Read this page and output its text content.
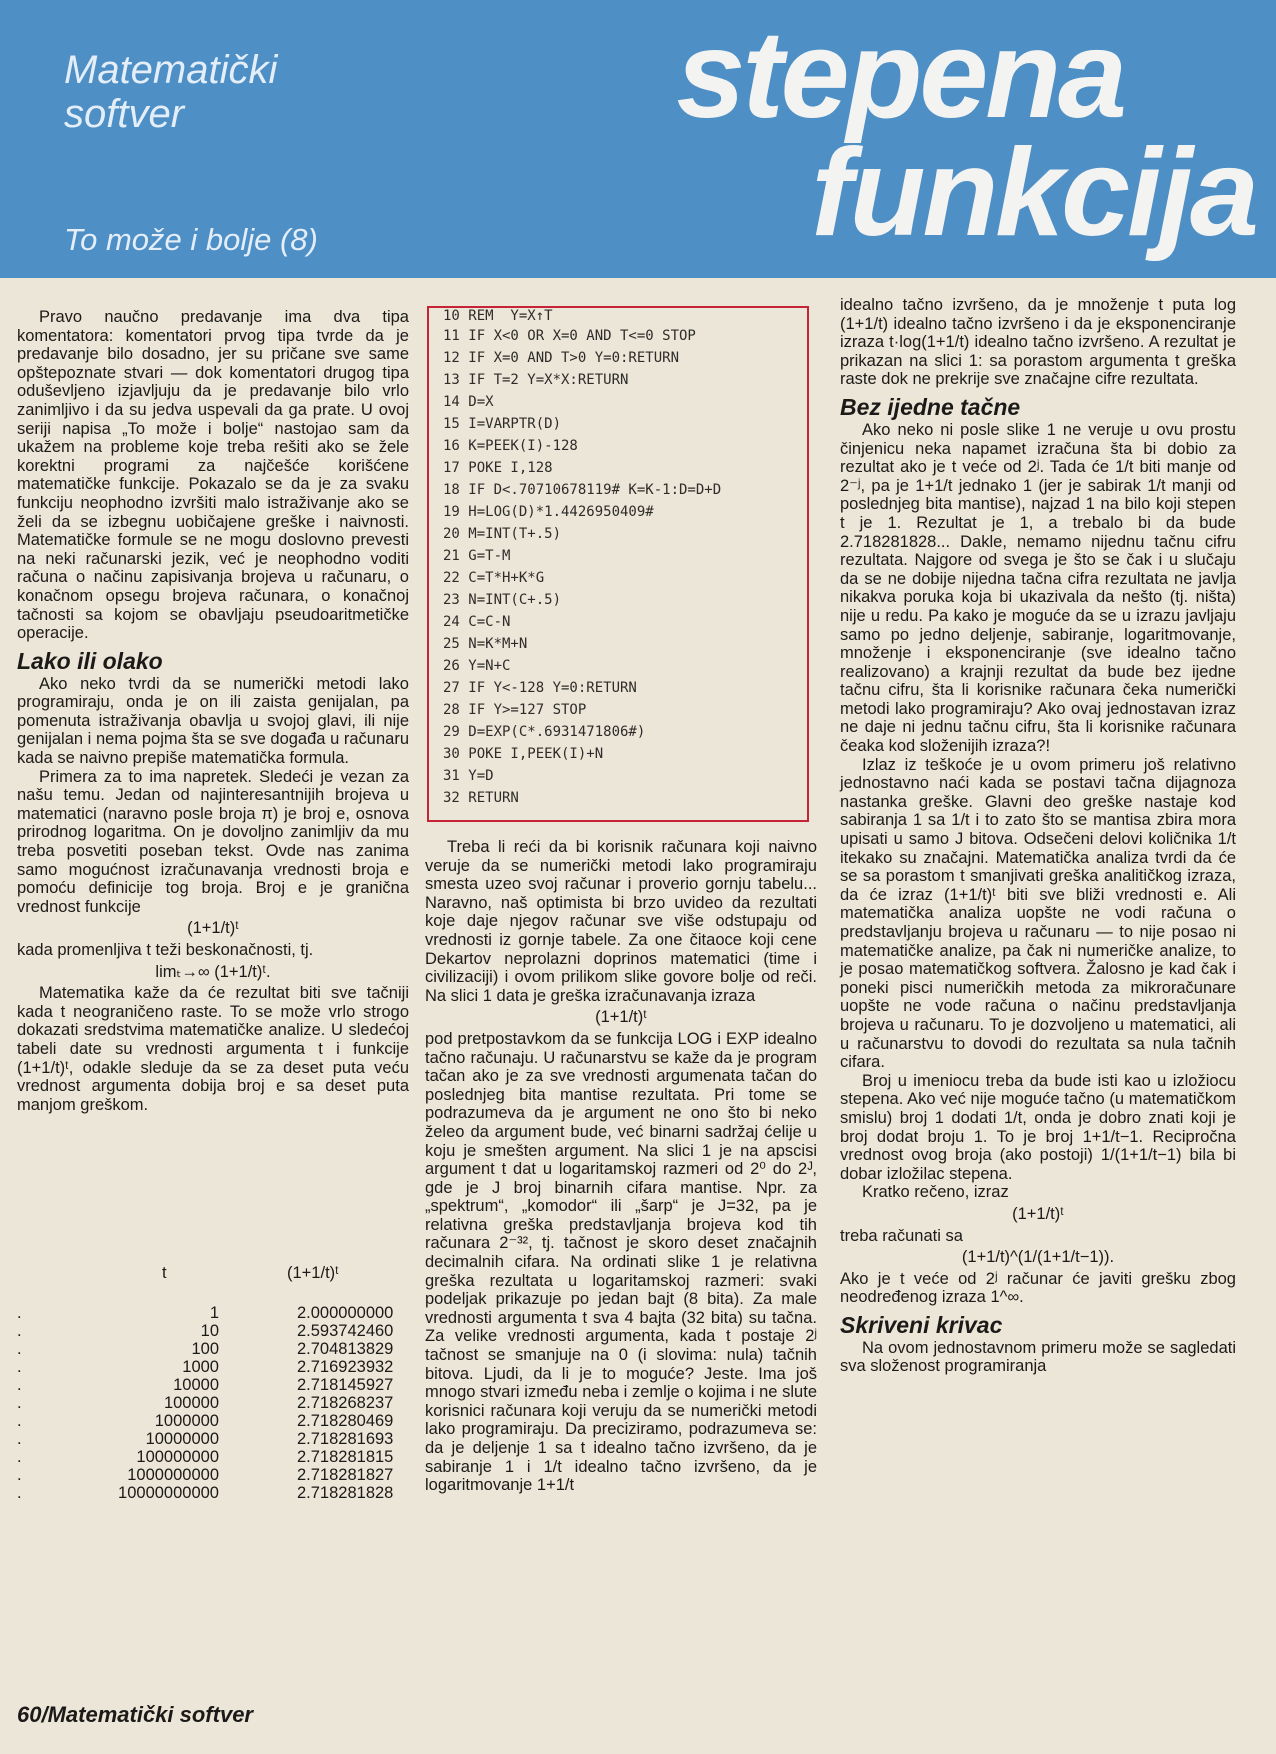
Matematički
softver
To može i bolje (8)
stepena
funkcija

Pravo naučno predavanje ima dva tipa komentatora: komentatori prvog tipa tvrde da je predavanje bilo dosadno, jer su pričane sve same opštepoznate stvari — dok komentatori drugog tipa oduševljeno izjavljuju da je predavanje bilo vrlo zanimljivo i da su jedva uspevali da ga prate. U ovoj seriji napisa „To može i bolje“ nastojao sam da ukažem na probleme koje treba rešiti ako se žele korektni programi za najčešće korišćene matematičke funkcije. Pokazalo se da je za svaku funkciju neophodno izvršiti malo istraživanje ako se želi da se izbegnu uobičajene greške i naivnosti. Matematičke formule se ne mogu doslovno prevesti na neki računarski jezik, već je neophodno voditi računa o načinu zapisivanja brojeva u računaru, o konačnom opsegu brojeva računara, o konačnoj tačnosti sa kojom se obavljaju pseudoaritmetičke operacije.

Lako ili olako

Ako neko tvrdi da se numerički metodi lako programiraju, onda je on ili zaista genijalan, pa pomenuta istraživanja obavlja u svojoj glavi, ili nije genijalan i nema pojma šta se sve događa u računaru kada se naivno prepiše matematička formula.

Primera za to ima napretek. Sledeći je vezan za našu temu. Jedan od najinteresantnijih brojeva u matematici (naravno posle broja π) je broj e, osnova prirodnog logaritma. On je dovoljno zanimljiv da mu treba posvetiti poseban tekst. Ovde nas zanima samo mogućnost izračunavanja vrednosti broja e pomoću definicije tog broja. Broj e je granična vrednost funkcije

(1+1/t)ᵗ

kada promenljiva t teži beskonačnosti, tj.

limₜ→∞ (1+1/t)ᵗ.

Matematika kaže da će rezultat biti sve tačniji kada t neograničeno raste. To se može vrlo strogo dokazati sredstvima matematičke analize. U sledećoj tabeli date su vrednosti argumenta t i funkcije (1+1/t)ᵗ, odakle sleduje da se za deset puta veću vrednost argumenta dobija broj e sa deset puta manjom greškom.

t	(1+1/t)ᵗ
.	1	2.000000000
.	10	2.593742460
.	100	2.704813829
.	1000	2.716923932
.	10000	2.718145927
.	100000	2.718268237
.	1000000	2.718280469
.	10000000	2.718281693
.	100000000	2.718281815
.	1000000000	2.718281827
.	10000000000	2.718281828
10 REM  Y=X↑T
11 IF X<0 OR X=0 AND T<=0 STOP
12 IF X=0 AND T>0 Y=0:RETURN
13 IF T=2 Y=X*X:RETURN
14 D=X
15 I=VARPTR(D)
16 K=PEEK(I)-128
17 POKE I,128
18 IF D<.70710678119# K=K-1:D=D+D
19 H=LOG(D)*1.4426950409#
20 M=INT(T+.5)
21 G=T-M
22 C=T*H+K*G
23 N=INT(C+.5)
24 C=C-N
25 N=K*M+N
26 Y=N+C
27 IF Y<-128 Y=0:RETURN
28 IF Y>=127 STOP
29 D=EXP(C*.6931471806#)
30 POKE I,PEEK(I)+N
31 Y=D
32 RETURN

Treba li reći da bi korisnik računara koji naivno veruje da se numerički metodi lako programiraju smesta uzeo svoj računar i proverio gornju tabelu... Naravno, naš optimista bi brzo uvideo da rezultati koje daje njegov računar sve više odstupaju od vrednosti iz gornje tabele. Za one čitaoce koji cene Dekartov neprolazni doprinos matematici (time i civilizaciji) i ovom prilikom slike govore bolje od reči. Na slici 1 data je greška izračunavanja izraza

(1+1/t)ᵗ

pod pretpostavkom da se funkcija LOG i EXP idealno tačno računaju. U računarstvu se kaže da je program tačan ako je za sve vrednosti argumenata tačan do poslednjeg bita mantise rezultata. Pri tome se podrazumeva da je argument ne ono što bi neko želeo da argument bude, već binarni sadržaj ćelije u koju je smešten argument. Na slici 1 je na apscisi argument t dat u logaritamskoj razmeri od 2⁰ do 2ᴶ, gde je J broj binarnih cifara mantise. Npr. za „spektrum“, „komodor“ ili „šarp“ je J=32, pa je relativna greška predstavljanja brojeva kod tih računara 2⁻³², tj. tačnost je skoro deset značajnih decimalnih cifara. Na ordinati slike 1 je relativna greška rezultata u logaritamskoj razmeri: svaki podeljak prikazuje po jedan bajt (8 bita). Za male vrednosti argumenta t sva 4 bajta (32 bita) su tačna. Za velike vrednosti argumenta, kada t postaje 2ʲ tačnost se smanjuje na 0 (i slovima: nula) tačnih bitova. Ljudi, da li je to moguće? Jeste. Ima još mnogo stvari između neba i zemlje o kojima i ne slute korisnici računara koji veruju da se numerički metodi lako programiraju. Da preciziramo, podrazumeva se: da je deljenje 1 sa t idealno tačno izvršeno, da je sabiranje 1 i 1/t idealno tačno izvršeno, da je logaritmovanje 1+1/t

idealno tačno izvršeno, da je množenje t puta log (1+1/t) idealno tačno izvršeno i da je eksponenciranje izraza t·log(1+1/t) idealno tačno izvršeno. A rezultat je prikazan na slici 1: sa porastom argumenta t greška raste dok ne prekrije sve značajne cifre rezultata.

Bez ijedne tačne

Ako neko ni posle slike 1 ne veruje u ovu prostu činjenicu neka napamet izračuna šta bi dobio za rezultat ako je t veće od 2ʲ. Tada će 1/t biti manje od 2⁻ʲ, pa je 1+1/t jednako 1 (jer je sabirak 1/t manji od poslednjeg bita mantise), najzad 1 na bilo koji stepen t je 1. Rezultat je 1, a trebalo bi da bude 2.718281828... Dakle, nemamo nijednu tačnu cifru rezultata. Najgore od svega je što se čak i u slučaju da se ne dobije nijedna tačna cifra rezultata ne javlja nikakva poruka koja bi ukazivala da nešto (tj. ništa) nije u redu. Pa kako je moguće da se u izrazu javljaju samo po jedno deljenje, sabiranje, logaritmovanje, množenje i eksponenciranje (sve idealno tačno realizovano) a krajnji rezultat da bude bez ijedne tačnu cifru, šta li korisnike računara čeka numerički metodi lako programiraju? Ako ovaj jednostavan izraz ne daje ni jednu tačnu cifru, šta li korisnike računara čeaka kod složenijih izraza?!

Izlaz iz teškoće je u ovom primeru još relativno jednostavno naći kada se postavi tačna dijagnoza nastanka greške. Glavni deo greške nastaje kod sabiranja 1 sa 1/t i to zato što se mantisa zbira mora upisati u samo J bitova. Odsečeni delovi količnika 1/t itekako su značajni. Matematička analiza tvrdi da će se sa porastom t smanjivati greška analitičkog izraza, da će izraz (1+1/t)ᵗ biti sve bliži vrednosti e. Ali matematička analiza uopšte ne vodi računa o predstavljanju brojeva u računaru — to nije posao ni matematičke analize, pa čak ni numeričke analize, to je posao matematičkog softvera. Žalosno je kad čak i poneki pisci numeričkih metoda za mikroračunare uopšte ne vode računa o načinu predstavljanja brojeva u računaru. To je dozvoljeno u matematici, ali u računarstvu to dovodi do rezultata sa nula tačnih cifara.

Broj u imeniocu treba da bude isti kao u izložiocu stepena. Ako već nije moguće tačno (u matematičkom smislu) broj 1 dodati 1/t, onda je dobro znati koji je broj dodat broju 1. To je broj 1+1/t−1. Recipročna vrednost ovog broja (ako postoji) 1/(1+1/t−1) bila bi dobar izložilac stepena.

Kratko rečeno, izraz

(1+1/t)ᵗ

treba računati sa

(1+1/t)^(1/(1+1/t−1)).

Ako je t veće od 2ʲ računar će javiti grešku zbog neodređenog izraza 1^∞.

Skriveni krivac

Na ovom jednostavnom primeru može se sagledati sva složenost programiranja

60/Matematički softver
